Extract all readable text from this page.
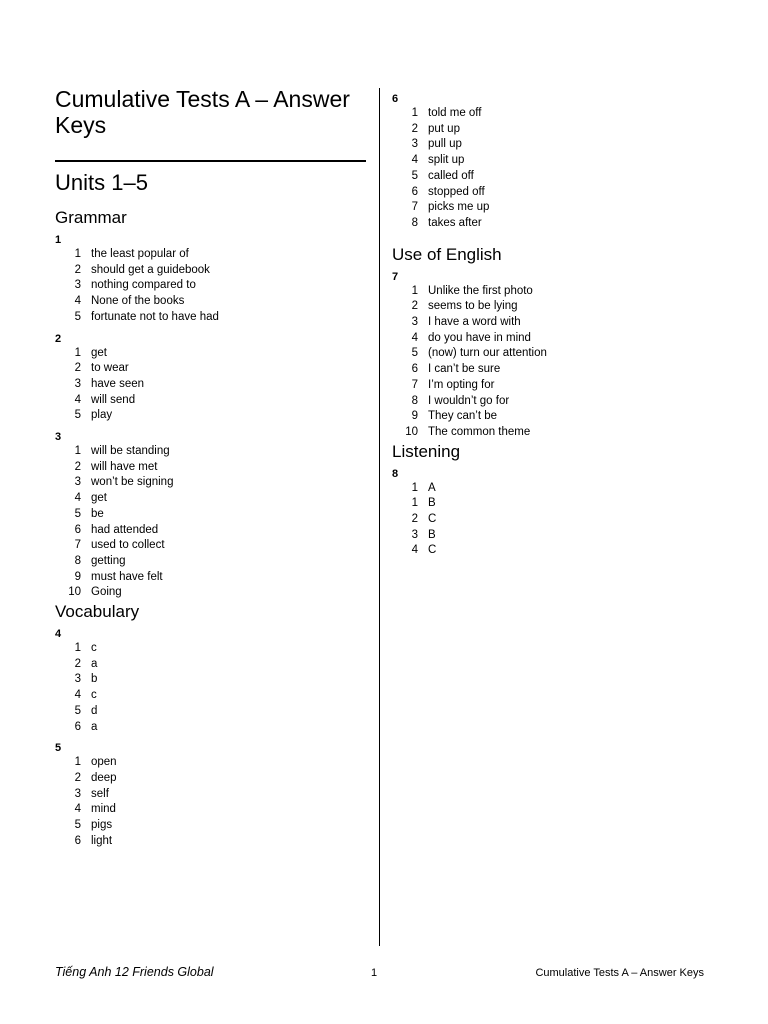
Cumulative Tests A – Answer Keys
Units 1–5
Grammar
1
1 the least popular of
2 should get a guidebook
3 nothing compared to
4 None of the books
5 fortunate not to have had
2
1 get
2 to wear
3 have seen
4 will send
5 play
3
1 will be standing
2 will have met
3 won’t be signing
4 get
5 be
6 had attended
7 used to collect
8 getting
9 must have felt
10 Going
Vocabulary
4
1 c
2 a
3 b
4 c
5 d
6 a
5
1 open
2 deep
3 self
4 mind
5 pigs
6 light
6
1 told me off
2 put up
3 pull up
4 split up
5 called off
6 stopped off
7 picks me up
8 takes after
Use of English
7
1 Unlike the first photo
2 seems to be lying
3 I have a word with
4 do you have in mind
5 (now) turn our attention
6 I can’t be sure
7 I’m opting for
8 I wouldn’t go for
9 They can’t be
10 The common theme
Listening
8
1 A
1 B
2 C
3 B
4 C
Tiếng Anh 12 Friends Global	1	Cumulative Tests A – Answer Keys
